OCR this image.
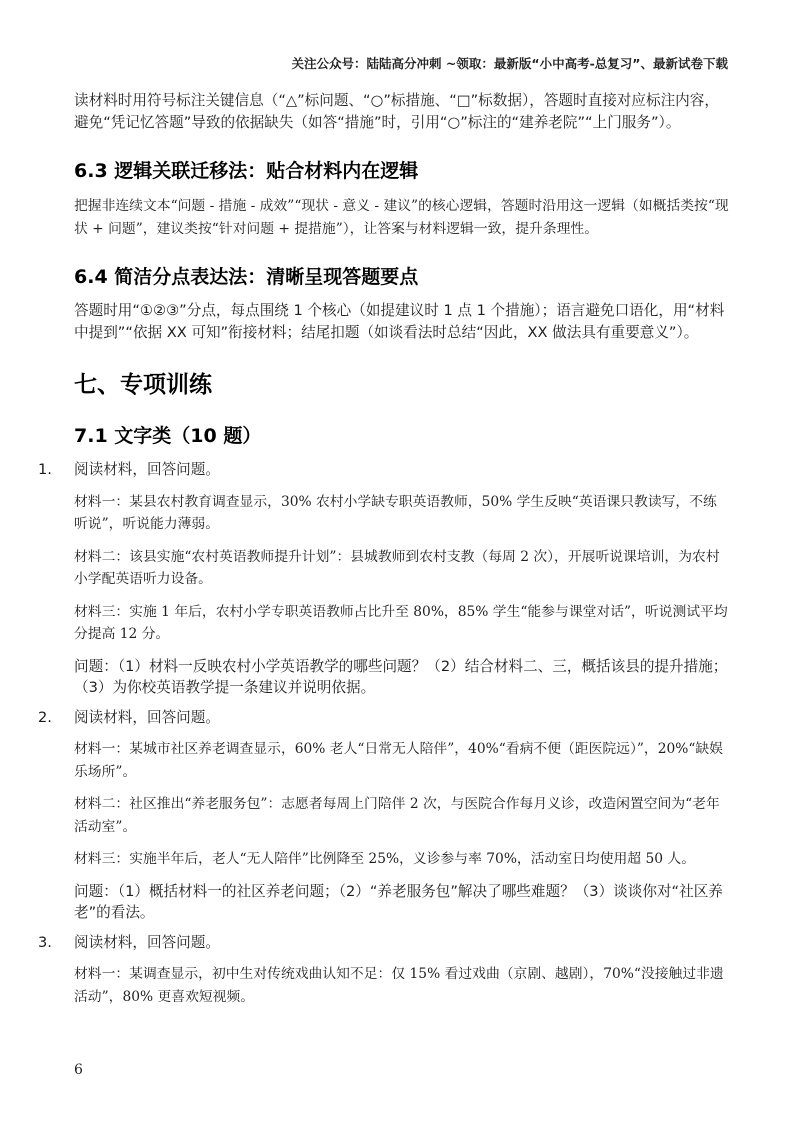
关注公众号：陆陆高分冲刺 ~领取：最新版“小中高考-总复习”、最新试卷下载

读材料时用符号标注关键信息（“△”标问题、“○”标措施、“□”标数据），答题时直接对应标注内容，避免“凭记忆答题”导致的依据缺失（如答“措施”时，引用“○”标注的“建养老院”“上门服务”）。

6.3 逻辑关联迁移法：贴合材料内在逻辑

把握非连续文本“问题 - 措施 - 成效”“现状 - 意义 - 建议”的核心逻辑，答题时沿用这一逻辑（如概括类按“现状 + 问题”，建议类按“针对问题 + 提措施”），让答案与材料逻辑一致，提升条理性。

6.4 简洁分点表达法：清晰呈现答题要点

答题时用“①②③”分点，每点围绕 1 个核心（如提建议时 1 点 1 个措施）；语言避免口语化，用“材料中提到”“依据 XX 可知”衔接材料；结尾扣题（如谈看法时总结“因此，XX 做法具有重要意义”）。

七、专项训练
7.1 文字类（10 题）
1. 阅读材料，回答问题。

材料一：某县农村教育调查显示，30% 农村小学缺专职英语教师，50% 学生反映“英语课只教读写，不练听说”，听说能力薄弱。

材料二：该县实施“农村英语教师提升计划”：县城教师到农村支教（每周 2 次），开展听说课培训，为农村小学配英语听力设备。

材料三：实施 1 年后，农村小学专职英语教师占比升至 80%，85% 学生“能参与课堂对话”，听说测试平均分提高 12 分。

问题：（1）材料一反映农村小学英语教学的哪些问题？（2）结合材料二、三，概括该县的提升措施；（3）为你校英语教学提一条建议并说明依据。

2. 阅读材料，回答问题。

材料一：某城市社区养老调查显示，60% 老人“日常无人陪伴”，40%“看病不便（距医院远）”，20%“缺娱乐场所”。

材料二：社区推出“养老服务包”：志愿者每周上门陪伴 2 次，与医院合作每月义诊，改造闲置空间为“老年活动室”。

材料三：实施半年后，老人“无人陪伴”比例降至 25%，义诊参与率 70%，活动室日均使用超 50 人。

问题：（1）概括材料一的社区养老问题；（2）“养老服务包”解决了哪些难题？（3）谈谈你对“社区养老”的看法。

3. 阅读材料，回答问题。

材料一：某调查显示，初中生对传统戏曲认知不足：仅 15% 看过戏曲（京剧、越剧），70%“没接触过非遗活动”，80% 更喜欢短视频。

6
